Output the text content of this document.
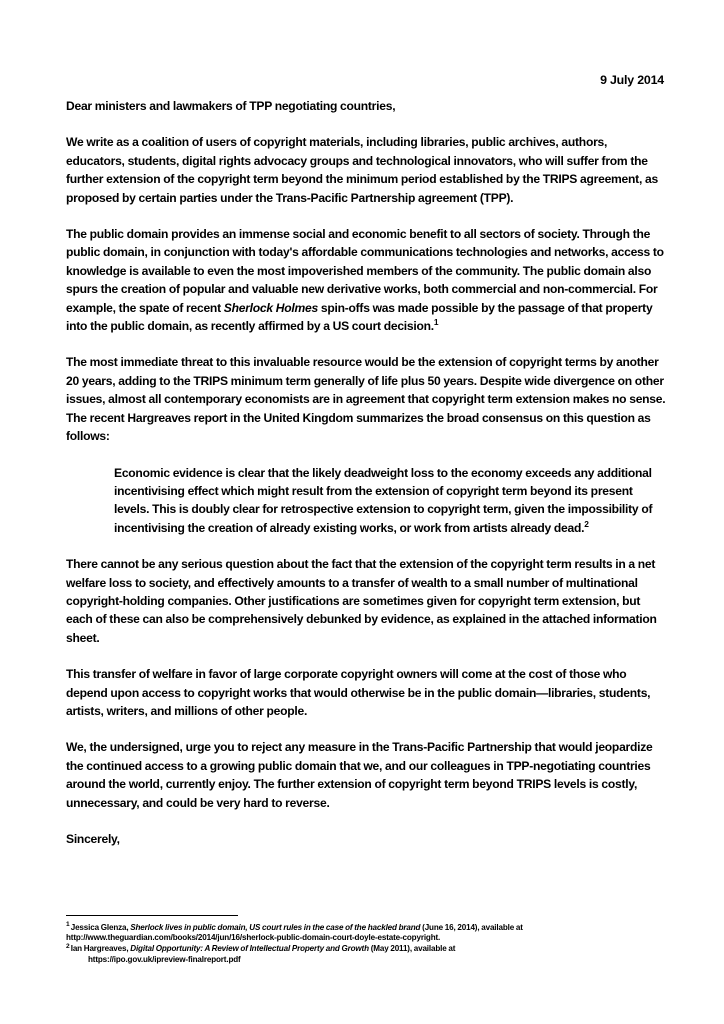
9 July 2014
Dear ministers and lawmakers of TPP negotiating countries,

We write as a coalition of users of copyright materials, including libraries, public archives, authors, educators, students, digital rights advocacy groups and technological innovators, who will suffer from the further extension of the copyright term beyond the minimum period established by the TRIPS agreement, as proposed by certain parties under the Trans-Pacific Partnership agreement (TPP).

The public domain provides an immense social and economic benefit to all sectors of society. Through the public domain, in conjunction with today's affordable communications technologies and networks, access to knowledge is available to even the most impoverished members of the community. The public domain also spurs the creation of popular and valuable new derivative works, both commercial and non-commercial. For example, the spate of recent Sherlock Holmes spin-offs was made possible by the passage of that property into the public domain, as recently affirmed by a US court decision.$^1$

The most immediate threat to this invaluable resource would be the extension of copyright terms by another 20 years, adding to the TRIPS minimum term generally of life plus 50 years. Despite wide divergence on other issues, almost all contemporary economists are in agreement that copyright term extension makes no sense. The recent Hargreaves report in the United Kingdom summarizes the broad consensus on this question as follows:

Economic evidence is clear that the likely deadweight loss to the economy exceeds any additional incentivising effect which might result from the extension of copyright term beyond its present levels. This is doubly clear for retrospective extension to copyright term, given the impossibility of incentivising the creation of already existing works, or work from artists already dead.$^2$

There cannot be any serious question about the fact that the extension of the copyright term results in a net welfare loss to society, and effectively amounts to a transfer of wealth to a small number of multinational copyright-holding companies. Other justifications are sometimes given for copyright term extension, but each of these can also be comprehensively debunked by evidence, as explained in the attached information sheet.

This transfer of welfare in favor of large corporate copyright owners will come at the cost of those who depend upon access to copyright works that would otherwise be in the public domain—libraries, students, artists, writers, and millions of other people.

We, the undersigned, urge you to reject any measure in the Trans-Pacific Partnership that would jeopardize the continued access to a growing public domain that we, and our colleagues in TPP-negotiating countries around the world, currently enjoy. The further extension of copyright term beyond TRIPS levels is costly, unnecessary, and could be very hard to reverse.

Sincerely,
$^1$Jessica Glenza, Sherlock lives in public domain, US court rules in the case of the hackled brand (June 16, 2014), available at http://www.theguardian.com/books/2014/jun/16/sherlock-public-domain-court-doyle-estate-copyright.
$^2$Ian Hargreaves, Digital Opportunity: A Review of Intellectual Property and Growth (May 2011), available at
https://ipo.gov.uk/ipreview-finalreport.pdf
